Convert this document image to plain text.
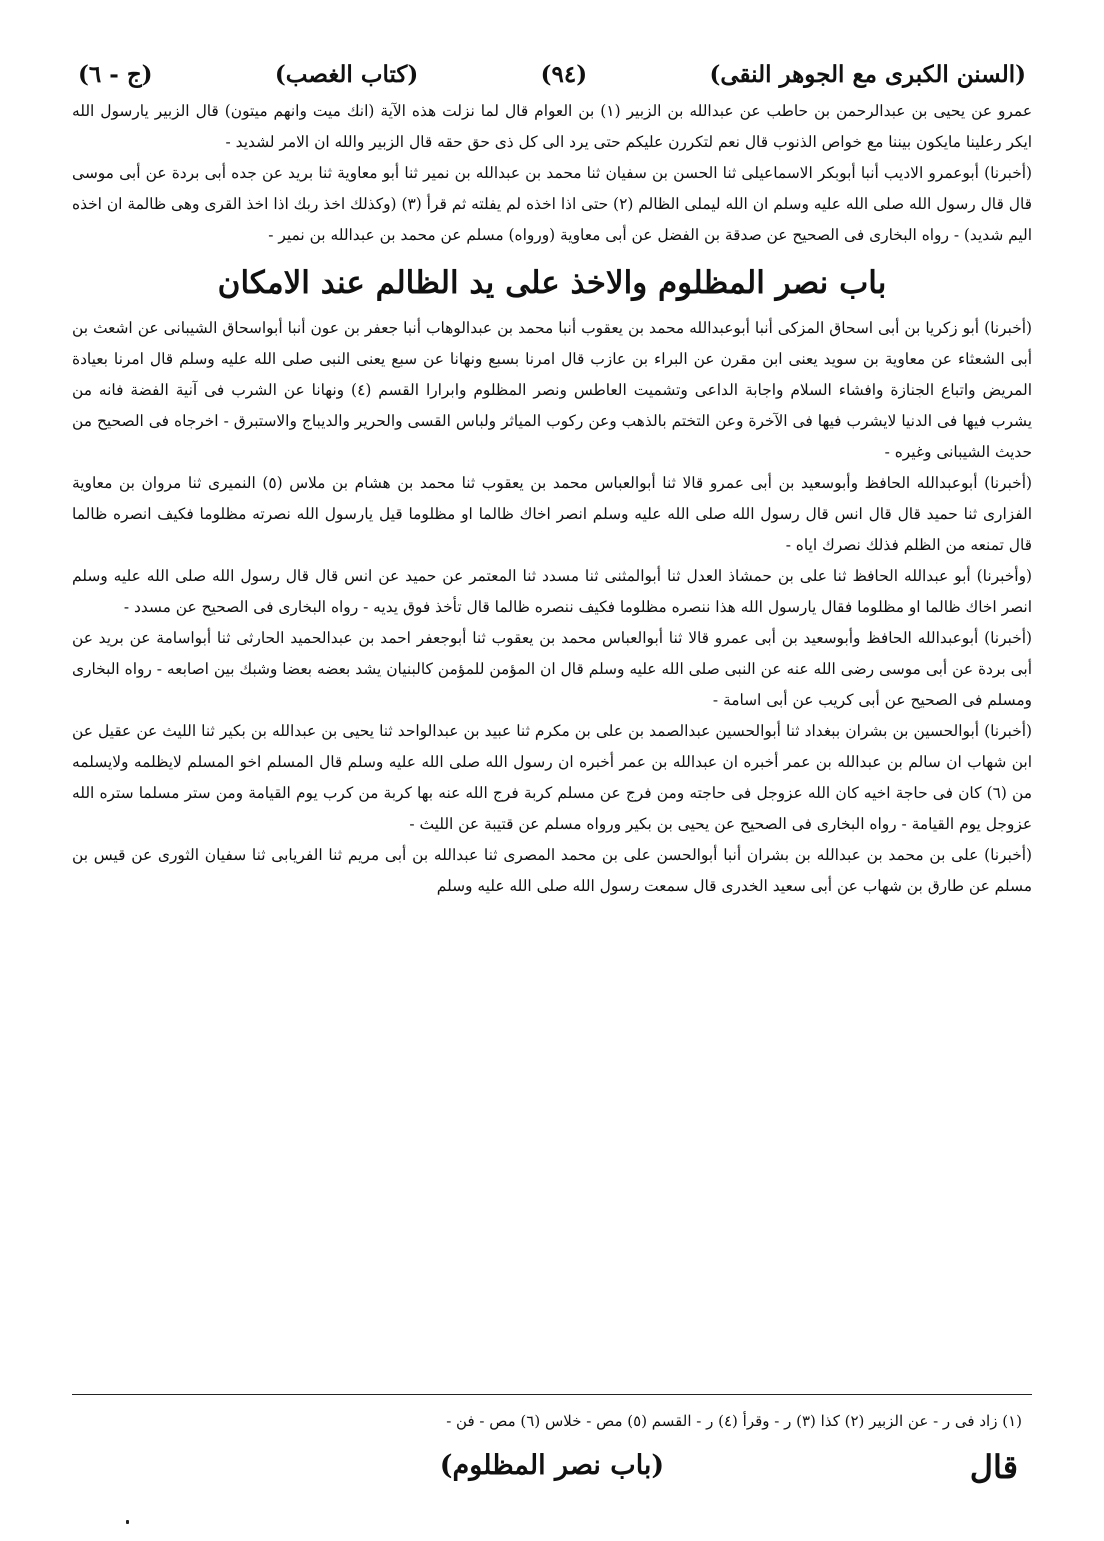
(السنن الكبرى مع الجوهر النقى)
(٩٤)
(كتاب الغصب)
(ج - ٦)

عمرو عن يحيى بن عبدالرحمن بن حاطب عن عبدالله بن الزبير (١) بن العوام قال لما نزلت هذه الآية (انك ميت وانهم ميتون) قال الزبير يارسول الله ايكر رعلينا مايكون بيننا مع خواص الذنوب قال نعم لتكررن عليكم حتى يرد الى كل ذى حق حقه قال الزبير والله ان الامر لشديد -

(أخبرنا) أبوعمرو الاديب أنبا أبوبكر الاسماعيلى ثنا الحسن بن سفيان ثنا محمد بن عبدالله بن نمير ثنا أبو معاوية ثنا بريد عن جده أبى بردة عن أبى موسى قال قال رسول الله صلى الله عليه وسلم ان الله ليملى الظالم (٢) حتى اذا اخذه لم يفلته ثم قرأ (٣) (وكذلك اخذ ربك اذا اخذ القرى وهى ظالمة ان اخذه اليم شديد) - رواه البخارى فى الصحيح عن صدقة بن الفضل عن أبى معاوية (ورواه) مسلم عن محمد بن عبدالله بن نمير -

باب نصر المظلوم والاخذ على يد الظالم عند الامكان

(أخبرنا) أبو زكريا بن أبى اسحاق المزكى أنبا أبوعبدالله محمد بن يعقوب أنبا محمد بن عبدالوهاب أنبا جعفر بن عون أنبا أبواسحاق الشيبانى عن اشعث بن أبى الشعثاء عن معاوية بن سويد يعنى ابن مقرن عن البراء بن عازب قال امرنا بسبع ونهانا عن سبع يعنى النبى صلى الله عليه وسلم قال امرنا بعيادة المريض واتباع الجنازة وافشاء السلام واجابة الداعى وتشميت العاطس ونصر المظلوم وابرارا القسم (٤) ونهانا عن الشرب فى آنية الفضة فانه من يشرب فيها فى الدنيا لايشرب فيها فى الآخرة وعن التختم بالذهب وعن ركوب المياثر ولباس القسى والحرير والديباج والاستبرق - اخرجاه فى الصحيح من حديث الشيبانى وغيره -

(أخبرنا) أبوعبدالله الحافظ وأبوسعيد بن أبى عمرو قالا ثنا أبوالعباس محمد بن يعقوب ثنا محمد بن هشام بن ملاس (٥) النميرى ثنا مروان بن معاوية الفزارى ثنا حميد قال قال انس قال رسول الله صلى الله عليه وسلم انصر اخاك ظالما او مظلوما قيل يارسول الله نصرته مظلوما فكيف انصره ظالما قال تمنعه من الظلم فذلك نصرك اياه -

(وأخبرنا) أبو عبدالله الحافظ ثنا على بن حمشاذ العدل ثنا أبوالمثنى ثنا مسدد ثنا المعتمر عن حميد عن انس قال قال رسول الله صلى الله عليه وسلم انصر اخاك ظالما او مظلوما فقال يارسول الله هذا ننصره مظلوما فكيف ننصره ظالما قال تأخذ فوق يديه - رواه البخارى فى الصحيح عن مسدد -

(أخبرنا) أبوعبدالله الحافظ وأبوسعيد بن أبى عمرو قالا ثنا أبوالعباس محمد بن يعقوب ثنا أبوجعفر احمد بن عبدالحميد الحارثى ثنا أبواسامة عن بريد عن أبى بردة عن أبى موسى رضى الله عنه عن النبى صلى الله عليه وسلم قال ان المؤمن للمؤمن كالبنيان يشد بعضه بعضا وشبك بين اصابعه - رواه البخارى ومسلم فى الصحيح عن أبى كريب عن أبى اسامة -

(أخبرنا) أبوالحسين بن بشران ببغداد ثنا أبوالحسين عبدالصمد بن على بن مكرم ثنا عبيد بن عبدالواحد ثنا يحيى بن عبدالله بن بكير ثنا الليث عن عقيل عن ابن شهاب ان سالم بن عبدالله بن عمر أخبره ان عبدالله بن عمر أخبره ان رسول الله صلى الله عليه وسلم قال المسلم اخو المسلم لايظلمه ولايسلمه من (٦) كان فى حاجة اخيه كان الله عزوجل فى حاجته ومن فرج عن مسلم كربة فرج الله عنه بها كربة من كرب يوم القيامة ومن ستر مسلما ستره الله عزوجل يوم القيامة - رواه البخارى فى الصحيح عن يحيى بن بكير ورواه مسلم عن قتيبة عن الليث -

(أخبرنا) على بن محمد بن عبدالله بن بشران أنبا أبوالحسن على بن محمد المصرى ثنا عبدالله بن أبى مريم ثنا الفريابى ثنا سفيان الثورى عن قيس بن مسلم عن طارق بن شهاب عن أبى سعيد الخدرى قال سمعت رسول الله صلى الله عليه وسلم

(١) زاد فى ر - عن الزبير (٢) كذا (٣) ر - وقرأ (٤) ر - القسم (٥) مص - خلاس (٦) مص - فن -
قال
(باب نصر المظلوم)
